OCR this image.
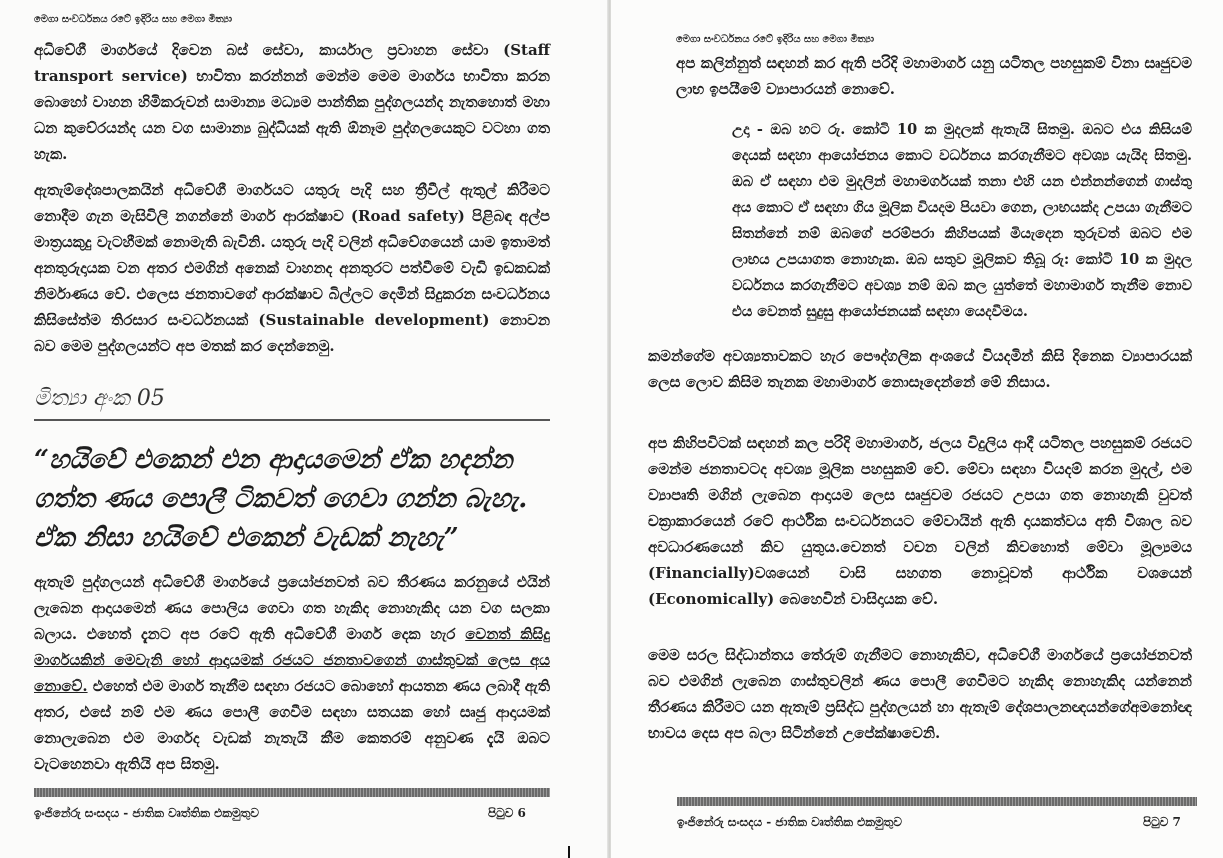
මෙගා සංවර්ධනය රටේ ඉදිරිය සහ මෙගා මිත්‍යා

අධිවේගී මාර්ගයේ දිවෙන බස් සේවා, කාර්යාල ප්‍රවාහන සේවා (Staff transport service) භාවිතා කරන්නන් මෙන්ම මෙම මාර්ගය භාවිතා කරන බොහෝ වාහන හිමිකරුවන් සාමාන්‍ය මධ්‍යම පාන්තික පුද්ගලයන්ද නැතහොත් මහා ධන කුවේරයන්ද යන වග සාමාන්‍ය බුද්ධියක් ඇති ඕනෑම පුද්ගලයෙකුට වටහා ගත හැක.

ඇතැම්දේශපාලකයින් අධිවේගී මාර්ගයට යතුරු පැදි සහ ත්‍රීවීල් ඇතුල් කිරීමට නොදීම ගැන මැසිවිලි නගන්නේ මාර්ග ආරක්ෂාව (Road safety) පිළිබඳ අල්ප මාත්‍රයකුදු වැටහීමක් නොමැති බැවිනි. යතුරු පැදි වලින් අධිවේගයෙන් යාම ඉතාමත් අනතුරුදායක වන අතර එමගින් අනෙක් වාහනද අනතුරට පත්වීමේ වැඩි ඉඩකඩක් නිර්මාණය වේ. එලෙස ජනතාවගේ ආරක්ෂාව බිල්ලට දෙමින් සිදුකරන සංවර්ධනය කිසිසේත්ම තිරසාර සංවර්ධනයක් (Sustainable development) නොවන බව මෙම පුද්ගලයන්ට අප මතක් කර දෙන්නෙමු.

මිත්‍යා අංක 05
“හයිවේ එකෙන් එන ආදායමෙන් ඒක හදන්න ගත්ත ණය පොලී ටිකවත් ගෙවා ගන්න බැහැ. ඒක නිසා හයිවේ එකෙන් වැඩක් නැහැ”

ඇතැම් පුද්ගලයන් අධිවේගී මාර්ගයේ ප්‍රයෝජනවත් බව තීරණය කරනුයේ එයින් ලැබෙන ආදායමෙන් ණය පොලිය ගෙවා ගත හැකිද නොහැකිද යන වග සලකා බලාය. එහෙත් දැනට අප රටේ ඇති අධිවේගී මාර්ග දෙක හැර වෙනත් කිසිදු මාර්ගයකින් මෙවැනි හෝ ආදායමක් රජයට ජනතාවගෙන් ගාස්තුවක් ලෙස අය නොවේ. එහෙත් එම මාර්ග තැනීම සඳහා රජයට බොහෝ ආයතන ණය ලබාදී ඇති අතර, එසේ නම් එම ණය පොලී ගෙවීම සඳහා සතයක හෝ සෘජු ආදායමක් නොලැබෙන එම මාර්ගද වැඩක් නැතැයි කීම කෙතරම් අනුවණ දැයි ඔබට වැටහෙනවා ඇතියි අප සිතමු.

ඉංජිනේරු සංසදය - ජාතික වෘත්තික එකමුතුව	පිටුව 6
මෙගා සංවර්ධනය රටේ ඉදිරිය සහ මෙගා මිත්‍යා

අප කලින්නුත් සඳහන් කර ඇති පරිදි මහාමාර්ග යනු යටිතල පහසුකම් විනා සෘජුවම ලාභ ඉපයීමේ ව්‍යාපාරයන් නොවේ.

උදා - ඔබ හට රු. කෝටි 10 ක මුදලක් ඇතැයි සිතමු. ඔබට එය කිසියම් දෙයක් සඳහා ආයෝජනය කොට වර්ධනය කරගැනීමට අවශ්‍ය යැයිද සිතමු. ඔබ ඒ සඳහා එම මුදලින් මහාමර්ගයක් තනා එහි යන එන්නන්ගෙන් ගාස්තු අය කොට ඒ සඳහා ගිය මූලික වියදම පියවා ගෙන, ලාභයක්ද උපයා ගැනීමට සිතන්නේ නම් ඔබගේ පරම්පරා කිහිපයක් මියැදෙන තුරුවත් ඔබට එම ලාභය උපයාගත නොහැක. ඔබ සතුව මූලිකව තිබූ රු: කෝටි 10 ක මුදල වර්ධනය කරගැනීමට අවශ්‍ය නම් ඔබ කල යුත්තේ මහාමාර්ග තැනීම නොව එය වෙනත් සුදුසු ආයෝජනයක් සඳහා යෙදවීමය.

කමන්ගේම අවශ්‍යතාවකට හැර පෞද්ගලික අංශයේ වියදමින් කිසි දිනෙක ව්‍යාපාරයක් ලෙස ලොව කිසිම තැනක මහාමාර්ග නොසෑදෙන්නේ මේ නිසාය.

අප කිහිපවිටක් සඳහන් කල පරිදි මහාමාර්ග, ජලය විදුලිය ආදී යටිතල පහසුකම් රජයට මෙන්ම ජනතාවටද අවශ්‍ය මූලික පහසුකම් වේ. මේවා සඳහා වියදම් කරන මුදල්, එම ව්‍යාපෘති මගින් ලැබෙන ආදායම ලෙස සෘජුවම රජයට උපයා ගත නොහැකි වුවත් චක්‍රාකාරයෙන් රටේ ආර්ථික සංවර්ධනයට මේවායින් ඇති දායකත්වය අති විශාල බව අවධාරණයෙන් කිව යුතුය.වෙනත් වචන වලින් කිවහොත් මේවා මූල්‍යමය (Financially)වශයෙන් වාසි සහගත නොවූවත් ආර්ථික වශයෙන් (Economically) බෙහෙවින් වාසිදායක වේ.

මෙම සරල සිද්ධාන්තය තේරුම් ගැනීමට නොහැකිව, අධිවේගී මාර්ගයේ ප්‍රයෝජනවත් බව එමගින් ලැබෙන ගාස්තුවලින් ණය පොලී ගෙවීමට හැකිද නොහැකිද යන්නෙන් තීරණය කිරීමට යන ඇතැම් ප්‍රසිද්ධ පුද්ගලයන් හා ඇතැම් දේශපාලනඥයන්ගේඅමනෝඥ භාවය දෙස අප බලා සිටින්නේ උපේක්ෂාවෙනි.

ඉංජිනේරු සංසදය - ජාතික වෘත්තික එකමුතුව	පිටුව 7
